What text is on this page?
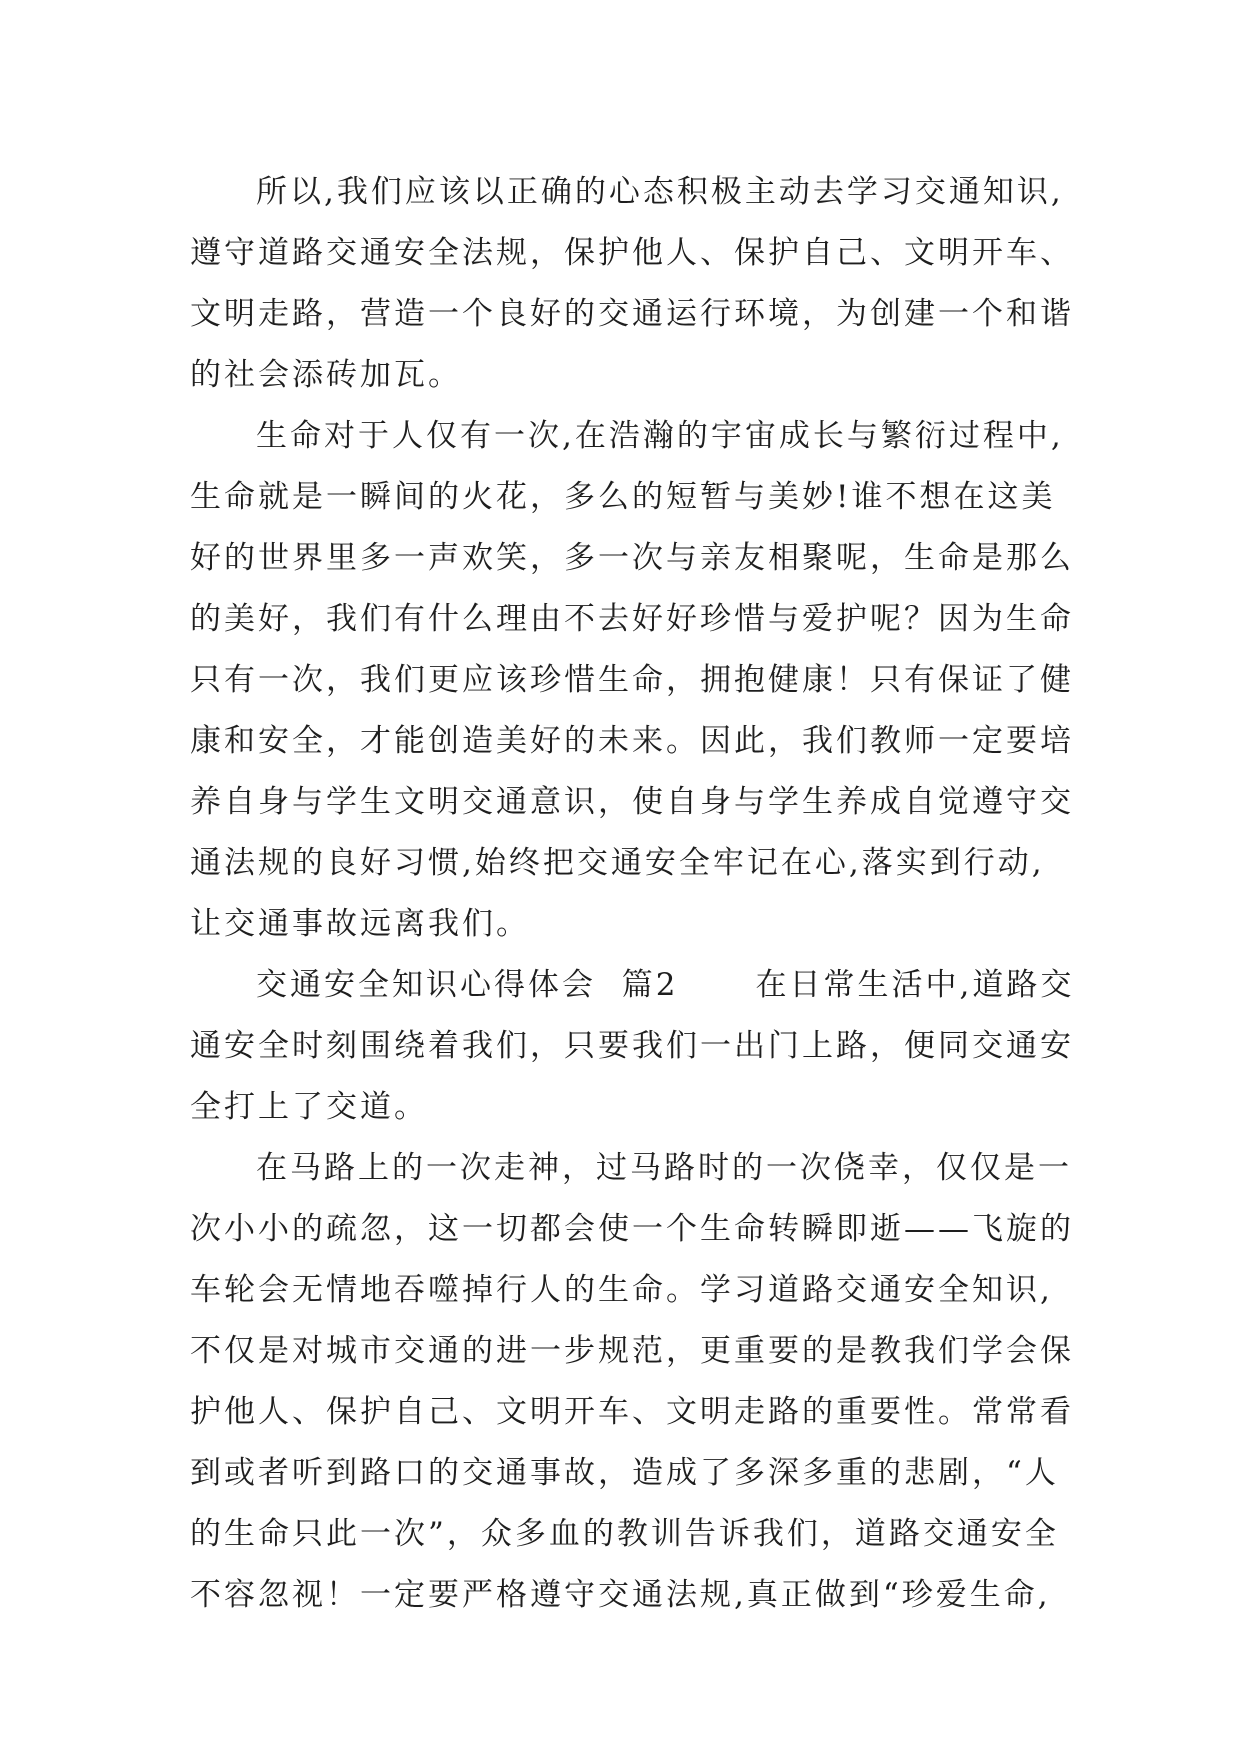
所以,我们应该以正确的心态积极主动去学习交通知识,
遵守道路交通安全法规，保护他人、保护自己、文明开车、
文明走路，营造一个良好的交通运行环境，为创建一个和谐
的社会添砖加瓦。
生命对于人仅有一次,在浩瀚的宇宙成长与繁衍过程中,
生命就是一瞬间的火花，多么的短暂与美妙!谁不想在这美
好的世界里多一声欢笑，多一次与亲友相聚呢，生命是那么
的美好，我们有什么理由不去好好珍惜与爱护呢？因为生命
只有一次，我们更应该珍惜生命，拥抱健康！只有保证了健
康和安全，才能创造美好的未来。因此，我们教师一定要培
养自身与学生文明交通意识，使自身与学生养成自觉遵守交
通法规的良好习惯,始终把交通安全牢记在心,落实到行动,
让交通事故远离我们。
交通安全知识心得体会  篇2      在日常生活中,道路交
通安全时刻围绕着我们，只要我们一出门上路，便同交通安
全打上了交道。
在马路上的一次走神，过马路时的一次侥幸，仅仅是一
次小小的疏忽，这一切都会使一个生命转瞬即逝——飞旋的
车轮会无情地吞噬掉行人的生命。学习道路交通安全知识,
不仅是对城市交通的进一步规范，更重要的是教我们学会保
护他人、保护自己、文明开车、文明走路的重要性。常常看
到或者听到路口的交通事故，造成了多深多重的悲剧，“人
的生命只此一次”，众多血的教训告诉我们，道路交通安全
不容忽视！一定要严格遵守交通法规,真正做到“珍爱生命,
